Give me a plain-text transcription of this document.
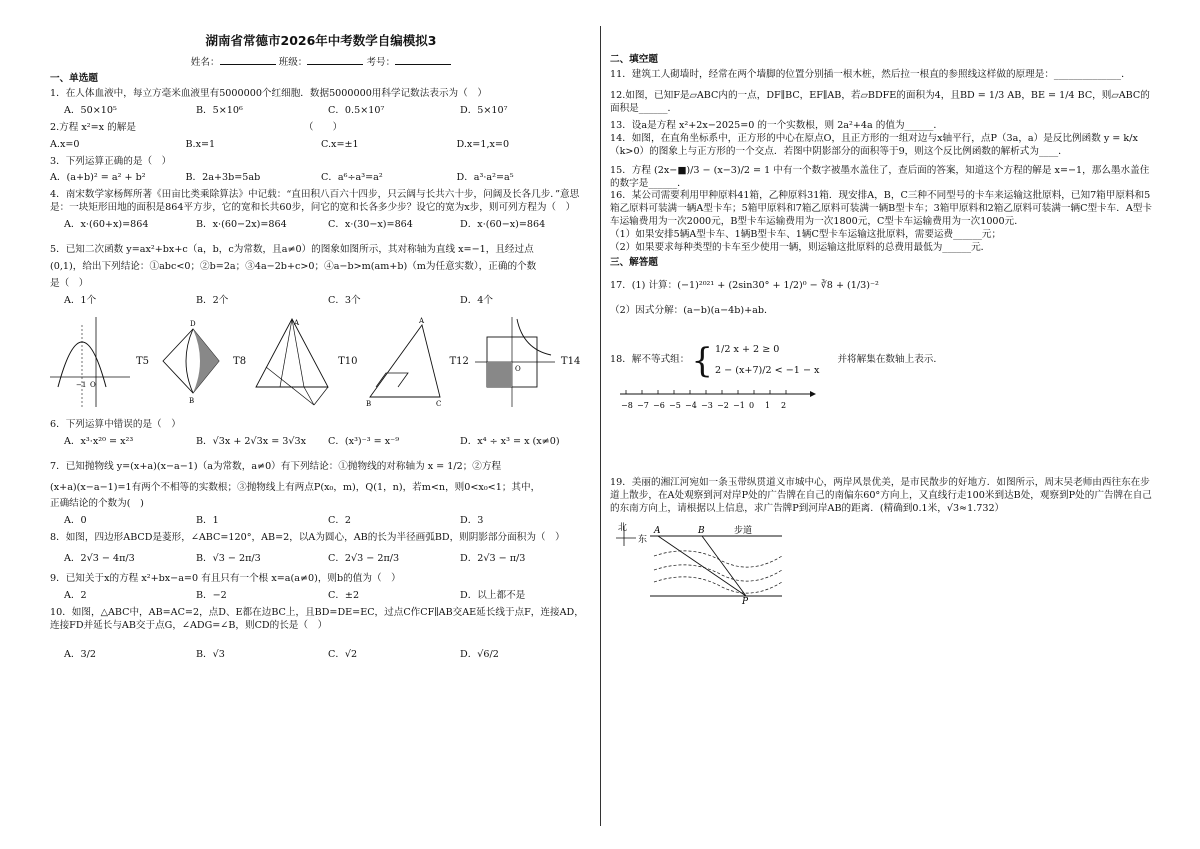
湖南省常德市2026年中考数学自编模拟3
姓名：	班级：	考号：
一、单选题
1．在人体血液中，每立方毫米血液里有5000000个红细胞．数据5000000用科学记数法表示为（　）
A．50×10⁵	B．5×10⁶	C．0.5×10⁷	D．5×10⁷
2.方程 x²=x 的解是　　　　　　　　　　　　　　　　　　（　　）
A.x=0	B.x=1	C.x=±1	D.x=1,x=0
3．下列运算正确的是（　）
A．(a+b)² = a² + b²	B．2a+3b=5ab	C．a⁶÷a³=a²	D．a³·a²=a⁵
4．南宋数学家杨辉所著《田亩比类乘除算法》中记载：“直田积八百六十四步，只云阔与长共六十步，问阔及长各几步．”意思是：一块矩形田地的面积是864平方步，它的宽和长共60步，问它的宽和长各多少步？设它的宽为x步，则可列方程为（　）
A．x·(60+x)=864	B．x·(60−2x)=864	C．x·(30−x)=864	D．x·(60−x)=864
5．已知二次函数 y=ax²+bx+c（a，b，c为常数，且a≠0）的图象如图所示，其对称轴为直线 x=−1，且经过点
(0,1)，给出下列结论：①abc<0；②b=2a；③4a−2b+c>0；④a−b>m(am+b)（m为任意实数），正确的个数
是（　）
A．1个	B．2个	C．3个	D．4个
−1 O
T5
D
B
T8
A
T10
A
B	C
T12
O
T14
6．下列运算中错误的是（　）
A．x³·x²⁰ = x²³	B．√3x + 2√3x = 3√3x	C．(x³)⁻³ = x⁻⁹	D．x⁴ ÷ x³ = x (x≠0)
7．已知抛物线 y=(x+a)(x−a−1)（a为常数，a≠0）有下列结论：①抛物线的对称轴为 x = 1/2；②方程
(x+a)(x−a−1)=1有两个不相等的实数根；③抛物线上有两点P(x₀，m)，Q(1，n)，若m<n，则0<x₀<1；其中，
正确结论的个数为(　)
A．0	B．1	C．2	D．3
8．如图，四边形ABCD是菱形，∠ABC=120°，AB=2，以A为圆心，AB的长为半径画弧BD，则阴影部分面积为（　）
A．2√3 − 4π/3	B．√3 − 2π/3	C．2√3 − 2π/3	D．2√3 − π/3
9．已知关于x的方程 x²+bx−a=0 有且只有一个根 x=a(a≠0)，则b的值为（　）
A．2	B．−2	C．±2	D．以上都不是
10．如图，△ABC中，AB=AC=2，点D、E都在边BC上，且BD=DE=EC，过点C作CF∥AB交AE延长线于点F，连接AD，连接FD并延长与AB交于点G，∠ADG=∠B，则CD的长是（　）
A．3/2	B．√3	C．√2	D．√6/2
二、填空题
11．建筑工人砌墙时，经常在两个墙脚的位置分别插一根木桩，然后拉一根直的参照线这样做的原理是：______________．
12.如图，已知F是▱ABC内的一点，DF∥BC，EF∥AB，若▱BDFE的面积为4，且BD = 1/3 AB，BE = 1/4 BC，则▱ABC的面积是______．
13．设a是方程 x²+2x−2025=0 的一个实数根，则 2a²+4a 的值为______．
14．如图，在直角坐标系中，正方形的中心在原点O，且正方形的一组对边与x轴平行，点P（3a，a）是反比例函数 y = k/x（k>0）的图象上与正方形的一个交点．若图中阴影部分的面积等于9，则这个反比例函数的解析式为____．
15．方程 (2x−■)/3 − (x−3)/2 = 1 中有一个数字被墨水盖住了，查后面的答案，知道这个方程的解是 x=−1，那么墨水盖住的数字是______．
16．某公司需要利用甲种原料41箱，乙种原料31箱．现安排A，B，C三种不同型号的卡车来运输这批原料，已知7箱甲原料和5箱乙原料可装满一辆A型卡车；5箱甲原料和7箱乙原料可装满一辆B型卡车；3箱甲原料和2箱乙原料可装满一辆C型卡车．A型卡车运输费用为一次2000元，B型卡车运输费用为一次1800元，C型卡车运输费用为一次1000元．
（1）如果安排5辆A型卡车、1辆B型卡车、1辆C型卡车运输这批原料，需要运费______元；
（2）如果要求每种类型的卡车至少使用一辆，则运输这批原料的总费用最低为______元．
三、解答题
17．(1) 计算：(−1)²⁰²¹ + (2sin30° + 1/2)⁰ − ∛8 + (1/3)⁻²
（2）因式分解：(a−b)(a−4b)+ab．
18．解不等式组： { 1/2 x + 2 ≥ 0
2 − (x+7)/2 < −1 − x
并将解集在数轴上表示．
−8 −7 −6 −5 −4 −3 −2 −1 0 1 2
19．美丽的湘江河宛如一条玉带纵贯道义市城中心，两岸风景优美，是市民散步的好地方．如图所示，周末吴老师由西往东在步道上散步，在A处观察到河对岸P处的广告牌在自己的南偏东60°方向上，又直线行走100米到达B处，观察到P处的广告牌在自己的东南方向上，请根据以上信息，求广告牌P到河岸AB的距离．(精确到0.1米，√3≈1.732）
北
东
A	B
P
步道
